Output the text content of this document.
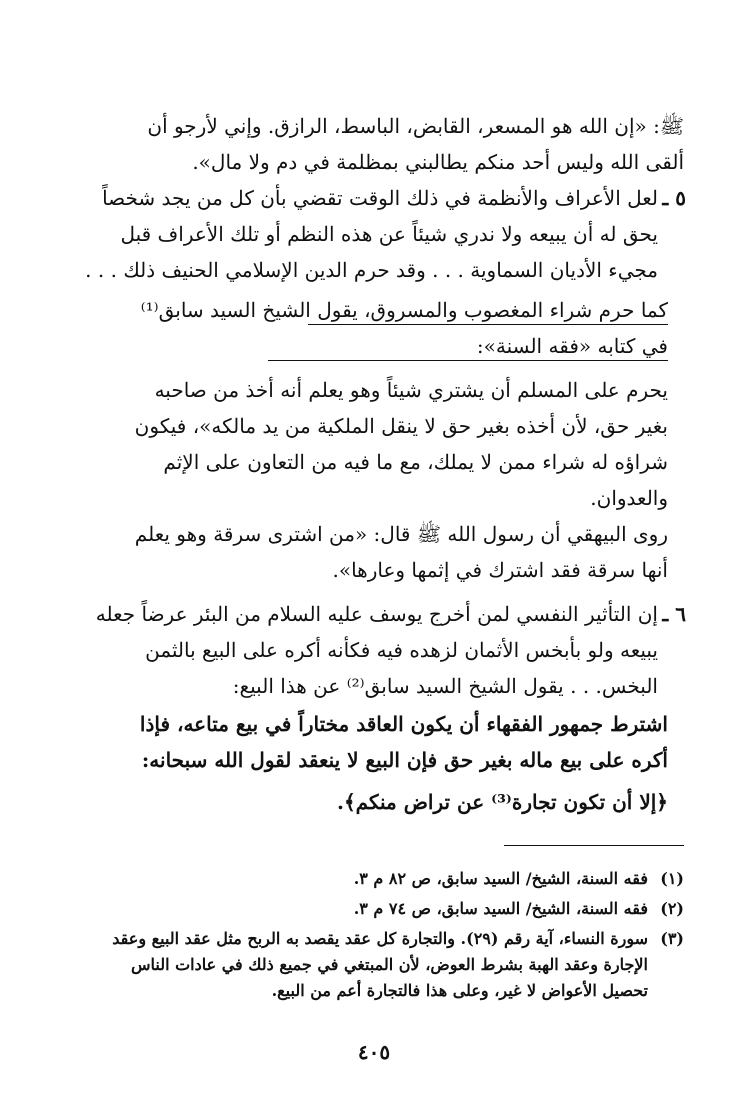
ﷺ: «إن الله هو المسعر، القابض، الباسط، الرازق. وإني لأرجو أن
ألقى الله وليس أحد منكم يطالبني بمظلمة في دم ولا مال».
٥ ـ
لعل الأعراف والأنظمة في ذلك الوقت تقضي بأن كل من يجد شخصاً
يحق له أن يبيعه ولا ندري شيئاً عن هذه النظم أو تلك الأعراف قبل
مجيء الأديان السماوية . . . وقد حرم الدين الإسلامي الحنيف ذلك . . .
كما حرم شراء المغصوب والمسروق، يقول الشيخ السيد سابق⁽¹⁾
في كتابه «فقه السنة»:
يحرم على المسلم أن يشتري شيئاً وهو يعلم أنه أخذ من صاحبه
بغير حق، لأن أخذه بغير حق لا ينقل الملكية من يد مالكه»، فيكون
شراؤه له شراء ممن لا يملك، مع ما فيه من التعاون على الإثم
والعدوان.
روى البيهقي أن رسول الله ﷺ قال: «من اشترى سرقة وهو يعلم
أنها سرقة فقد اشترك في إثمها وعارها».
٦ ـ
إن التأثير النفسي لمن أخرج يوسف عليه السلام من البئر عرضاً جعله
يبيعه ولو بأبخس الأثمان لزهده فيه فكأنه أكره على البيع بالثمن
البخس. . . يقول الشيخ السيد سابق⁽²⁾ عن هذا البيع:
اشترط جمهور الفقهاء أن يكون العاقد مختاراً في بيع متاعه، فإذا
أكره على بيع ماله بغير حق فإن البيع لا ينعقد لقول الله سبحانه:
﴿إلا أن تكون تجارة⁽³⁾ عن تراض منكم﴾.
(١)
فقه السنة، الشيخ/ السيد سابق، ص ٨٢ م ٣.
(٢)
فقه السنة، الشيخ/ السيد سابق، ص ٧٤ م ٣.
(٣)
سورة النساء، آية رقم (٢٩). والتجارة كل عقد يقصد به الربح مثل عقد البيع وعقد
الإجارة وعقد الهبة بشرط العوض، لأن المبتغي في جميع ذلك في عادات الناس
تحصيل الأعواض لا غير، وعلى هذا فالتجارة أعم من البيع.
٤٠٥
